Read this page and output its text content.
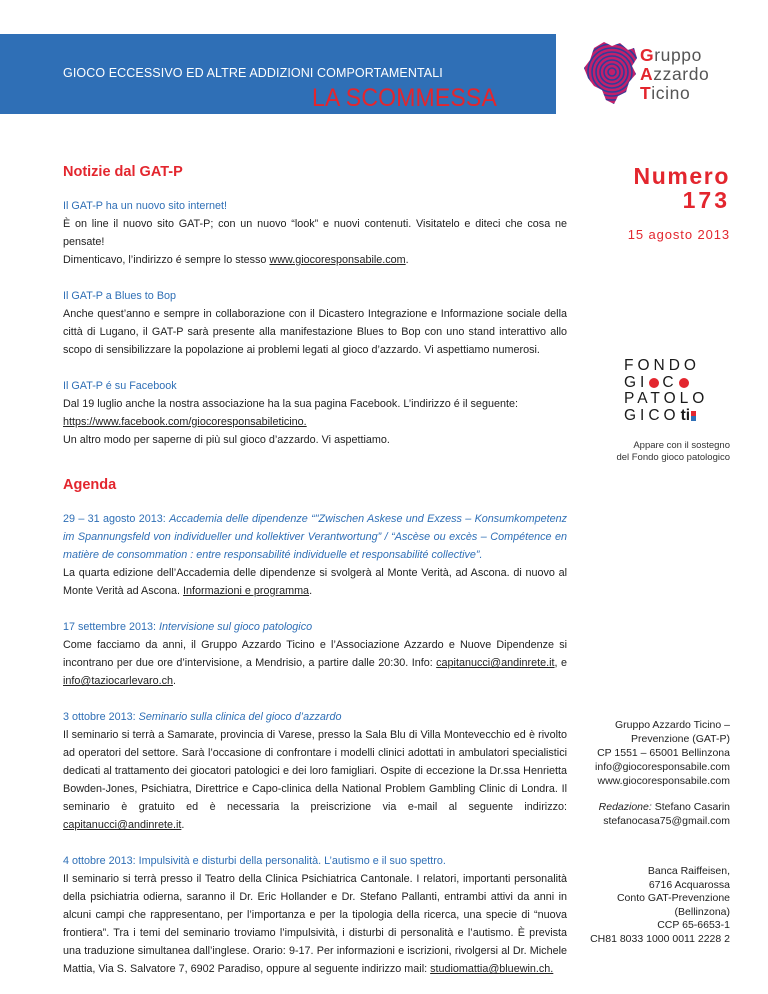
GIOCO ECCESSIVO ED ALTRE ADDIZIONI COMPORTAMENTALI
LA SCOMMESSA
Gruppo
Azzardo
Ticino
Numero
173
15 agosto 2013
FONDO
GI C
PATOLO
GICO ti
Appare con il sostegno
del Fondo gioco patologico
Gruppo Azzardo Ticino –
Prevenzione (GAT-P)
CP 1551 – 65001 Bellinzona
info@giocoresponsabile.com
www.giocoresponsabile.com
Redazione: Stefano Casarin
stefanocasa75@gmail.com
Banca Raiffeisen,
6716 Acquarossa
Conto GAT-Prevenzione
(Bellinzona)
CCP 65-6653-1
CH81 8033 1000 0011 2228 2
Notizie dal GAT-P
Il GAT-P ha un nuovo sito internet!
È on line il nuovo sito GAT-P; con un nuovo “look” e nuovi contenuti. Visitatelo e diteci che cosa ne pensate!
Dimenticavo, l’indirizzo é sempre lo stesso www.giocoresponsabile.com.
Il GAT-P a Blues to Bop
Anche quest’anno e sempre in collaborazione con il Dicastero Integrazione e Informazione sociale della città di Lugano, il GAT-P sarà presente alla manifestazione Blues to Bop con uno stand interattivo allo scopo di sensibilizzare la popolazione ai problemi legati al gioco d’azzardo. Vi aspettiamo numerosi.
Il GAT-P é su Facebook
Dal 19 luglio anche la nostra associazione ha la sua pagina Facebook. L’indirizzo é il seguente:
https://www.facebook.com/giocoresponsabileticino.
Un altro modo per saperne di più sul gioco d’azzardo. Vi aspettiamo.
Agenda
29 – 31 agosto 2013: Accademia delle dipendenze “"Zwischen Askese und Exzess – Konsumkompetenz im Spannungsfeld von individueller und kollektiver Verantwortung” / “Ascèse ou excès – Compétence en matière de consommation : entre responsabilité individuelle et responsabilité collective”.
La quarta edizione dell’Accademia delle dipendenze si svolgerà al Monte Verità, ad Ascona. di nuovo al Monte Verità ad Ascona. Informazioni e programma.
17 settembre 2013: Intervisione sul gioco patologico
Come facciamo da anni, il Gruppo Azzardo Ticino e l’Associazione Azzardo e Nuove Dipendenze si incontrano per due ore d’intervisione, a Mendrisio, a partire dalle 20:30. Info: capitanucci@andinrete.it, e info@taziocarlevaro.ch.
3 ottobre 2013: Seminario sulla clinica del gioco d’azzardo
Il seminario si terrà a Samarate, provincia di Varese, presso la Sala Blu di Villa Montevecchio ed è rivolto ad operatori del settore. Sarà l’occasione di confrontare i modelli clinici adottati in ambulatori specialistici dedicati al trattamento dei giocatori patologici e dei loro famigliari. Ospite di eccezione la Dr.ssa Henrietta Bowden-Jones, Psichiatra, Direttrice e Capo-clinica della National Problem Gambling Clinic di Londra. Il seminario è gratuito ed è necessaria la preiscrizione via e-mail al seguente indirizzo: capitanucci@andinrete.it.
4 ottobre 2013: Impulsività e disturbi della personalità. L’autismo e il suo spettro.
Il seminario si terrà presso il Teatro della Clinica Psichiatrica Cantonale. I relatori, importanti personalità della psichiatria odierna, saranno il Dr. Eric Hollander e Dr. Stefano Pallanti, entrambi attivi da anni in alcuni campi che rappresentano, per l’importanza e per la tipologia della ricerca, una specie di “nuova frontiera”. Tra i temi del seminario troviamo l’impulsività, i disturbi di personalità e l’autismo. È prevista una traduzione simultanea dall’inglese. Orario: 9-17. Per informazioni e iscrizioni, rivolgersi al Dr. Michele Mattia, Via S. Salvatore 7, 6902 Paradiso, oppure al seguente indirizzo mail: studiomattia@bluewin.ch.
